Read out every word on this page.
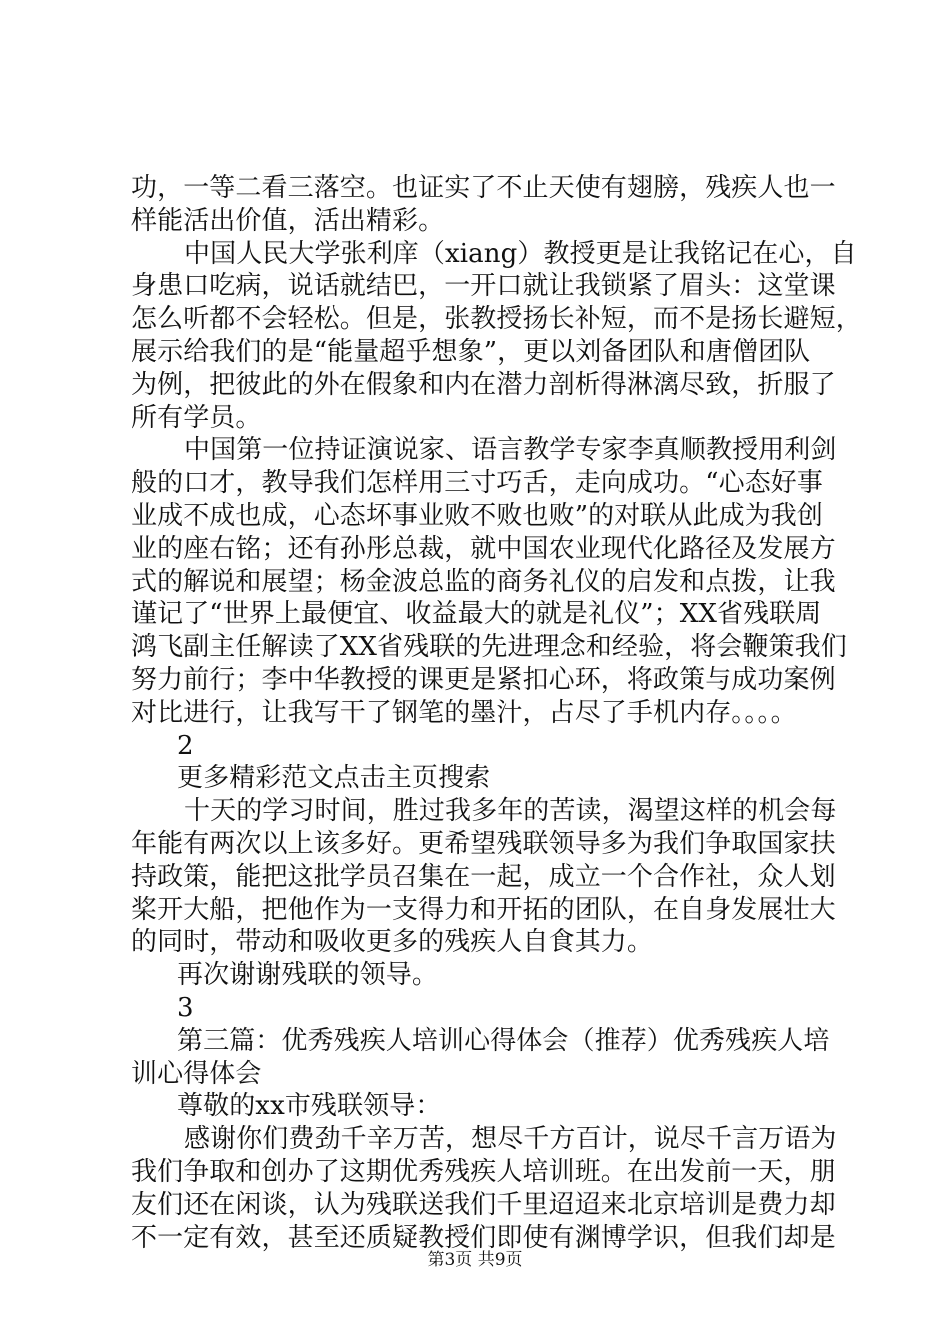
功，一等二看三落空。也证实了不止天使有翅膀，残疾人也一
样能活出价值，活出精彩。
中国人民大学张利庠（xiang）教授更是让我铭记在心，自
身患口吃病，说话就结巴，一开口就让我锁紧了眉头：这堂课
怎么听都不会轻松。但是，张教授扬长补短，而不是扬长避短，
展示给我们的是“能量超乎想象”，更以刘备团队和唐僧团队
为例，把彼此的外在假象和内在潜力剖析得淋漓尽致，折服了
所有学员。
中国第一位持证演说家、语言教学专家李真顺教授用利剑
般的口才，教导我们怎样用三寸巧舌，走向成功。“心态好事
业成不成也成，心态坏事业败不败也败”的对联从此成为我创
业的座右铭；还有孙彤总裁，就中国农业现代化路径及发展方
式的解说和展望；杨金波总监的商务礼仪的启发和点拨，让我
谨记了“世界上最便宜、收益最大的就是礼仪”；XX省残联周
鸿飞副主任解读了XX省残联的先进理念和经验，将会鞭策我们
努力前行；李中华教授的课更是紧扣心环，将政策与成功案例
对比进行，让我写干了钢笔的墨汁，占尽了手机内存。。。。
2
更多精彩范文点击主页搜索
十天的学习时间，胜过我多年的苦读，渴望这样的机会每
年能有两次以上该多好。更希望残联领导多为我们争取国家扶
持政策，能把这批学员召集在一起，成立一个合作社，众人划
桨开大船，把他作为一支得力和开拓的团队，在自身发展壮大
的同时，带动和吸收更多的残疾人自食其力。
再次谢谢残联的领导。
3
第三篇：优秀残疾人培训心得体会（推荐）优秀残疾人培
训心得体会
尊敬的xx市残联领导：
感谢你们费劲千辛万苦，想尽千方百计，说尽千言万语为
我们争取和创办了这期优秀残疾人培训班。在出发前一天，朋
友们还在闲谈，认为残联送我们千里迢迢来北京培训是费力却
不一定有效，甚至还质疑教授们即使有渊博学识，但我们却是
第3页 共9页
